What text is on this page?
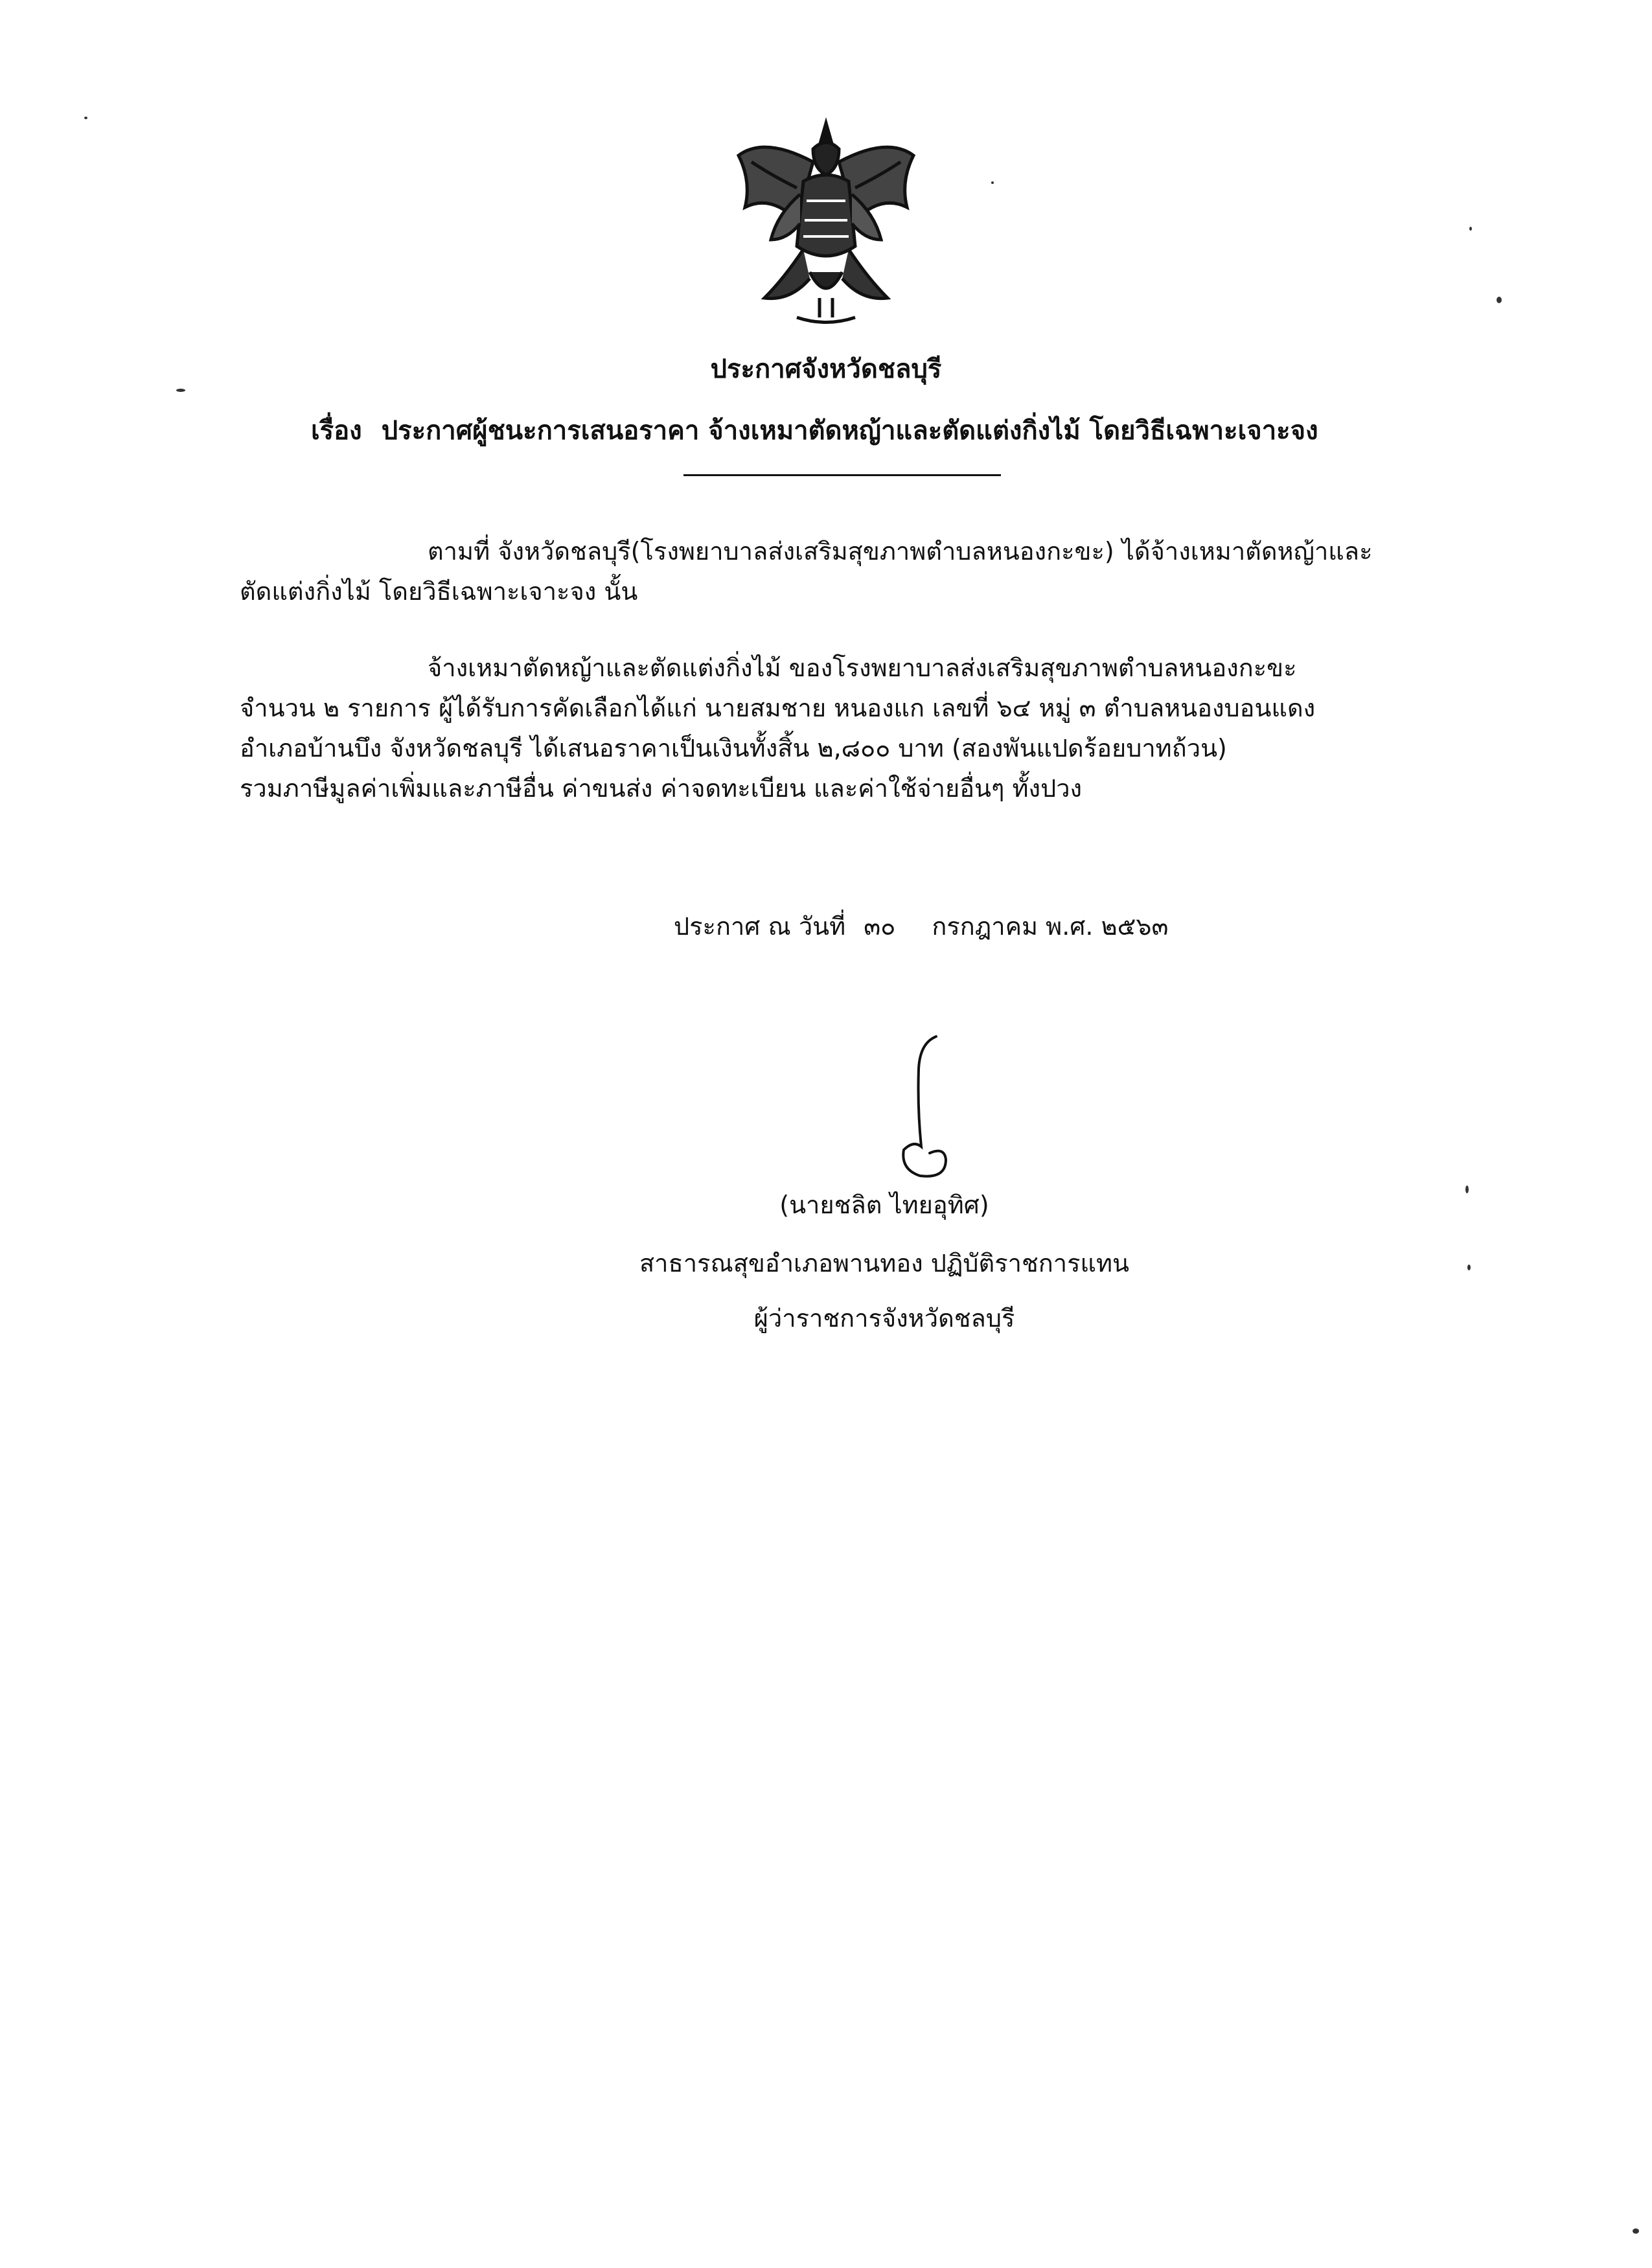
ประกาศจังหวัดชลบุรี
เรื่อง ประกาศผู้ชนะการเสนอราคา จ้างเหมาตัดหญ้าและตัดแต่งกิ่งไม้ โดยวิธีเฉพาะเจาะจง
ตามที่ จังหวัดชลบุรี(โรงพยาบาลส่งเสริมสุขภาพตำบลหนองกะขะ) ได้จ้างเหมาตัดหญ้าและ
ตัดแต่งกิ่งไม้ โดยวิธีเฉพาะเจาะจง นั้น
จ้างเหมาตัดหญ้าและตัดแต่งกิ่งไม้ ของโรงพยาบาลส่งเสริมสุขภาพตำบลหนองกะขะ
จำนวน ๒ รายการ ผู้ได้รับการคัดเลือกได้แก่ นายสมชาย หนองแก เลขที่ ๖๔ หมู่ ๓ ตำบลหนองบอนแดง
อำเภอบ้านบึง จังหวัดชลบุรี ได้เสนอราคาเป็นเงินทั้งสิ้น ๒,๘๐๐ บาท (สองพันแปดร้อยบาทถ้วน)
รวมภาษีมูลค่าเพิ่มและภาษีอื่น ค่าขนส่ง ค่าจดทะเบียน และค่าใช้จ่ายอื่นๆ ทั้งปวง
ประกาศ ณ วันที่ ๓๐ กรกฎาคม พ.ศ. ๒๕๖๓
(นายชลิต ไทยอุทิศ)
สาธารณสุขอำเภอพานทอง ปฏิบัติราชการแทน
ผู้ว่าราชการจังหวัดชลบุรี
